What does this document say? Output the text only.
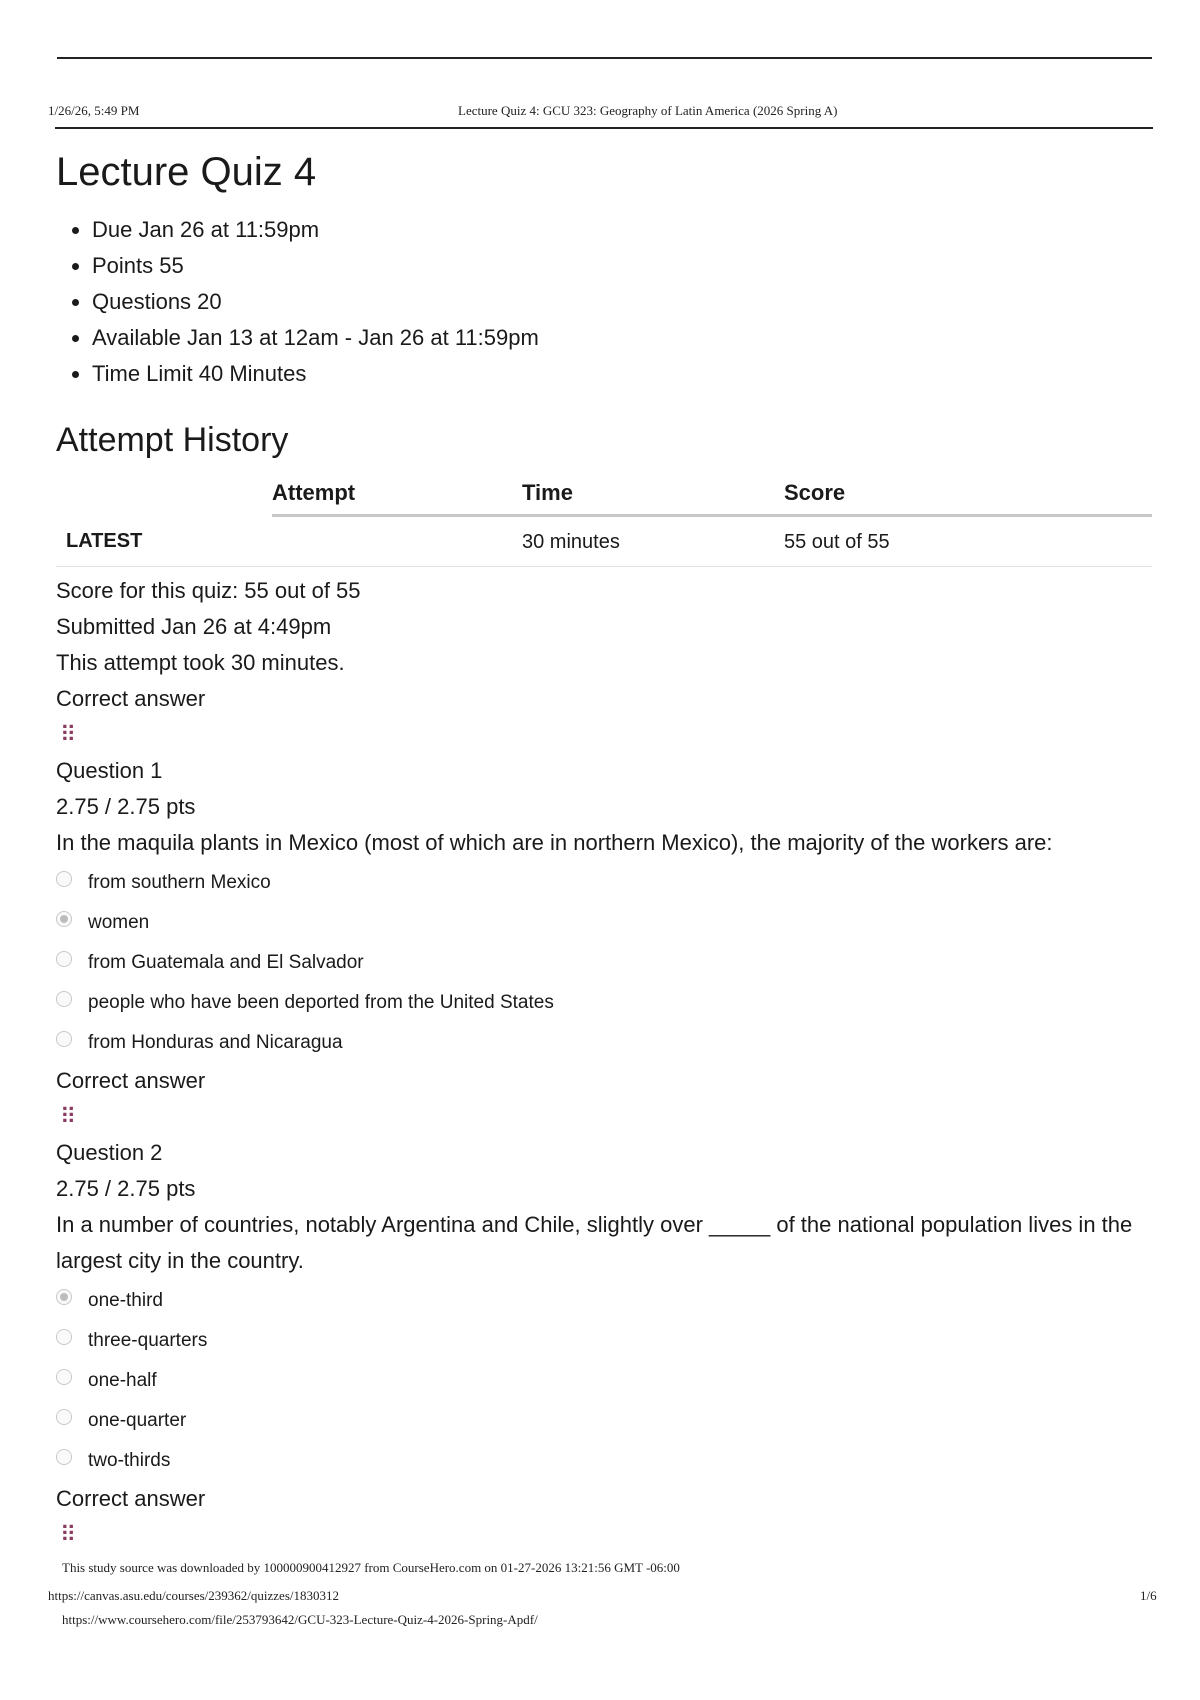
1/26/26, 5:49 PM	Lecture Quiz 4: GCU 323: Geography of Latin America (2026 Spring A)
Lecture Quiz 4
• Due Jan 26 at 11:59pm
• Points 55
• Questions 20
• Available Jan 13 at 12am - Jan 26 at 11:59pm
• Time Limit 40 Minutes
Attempt History
	Attempt	Time	Score
LATEST		30 minutes	55 out of 55
Score for this quiz: 55 out of 55
Submitted Jan 26 at 4:49pm
This attempt took 30 minutes.
Correct answer
⠿
Question 1
2.75 / 2.75 pts
In the maquila plants in Mexico (most of which are in northern Mexico), the majority of the workers are:
from southern Mexico
women
from Guatemala and El Salvador
people who have been deported from the United States
from Honduras and Nicaragua
Correct answer
⠿
Question 2
2.75 / 2.75 pts
In a number of countries, notably Argentina and Chile, slightly over _____ of the national population lives in the largest city in the country.
one-third
three-quarters
one-half
one-quarter
two-thirds
Correct answer
⠿
This study source was downloaded by 100000900412927 from CourseHero.com on 01-27-2026 13:21:56 GMT -06:00
https://canvas.asu.edu/courses/239362/quizzes/1830312	1/6
https://www.coursehero.com/file/253793642/GCU-323-Lecture-Quiz-4-2026-Spring-Apdf/
